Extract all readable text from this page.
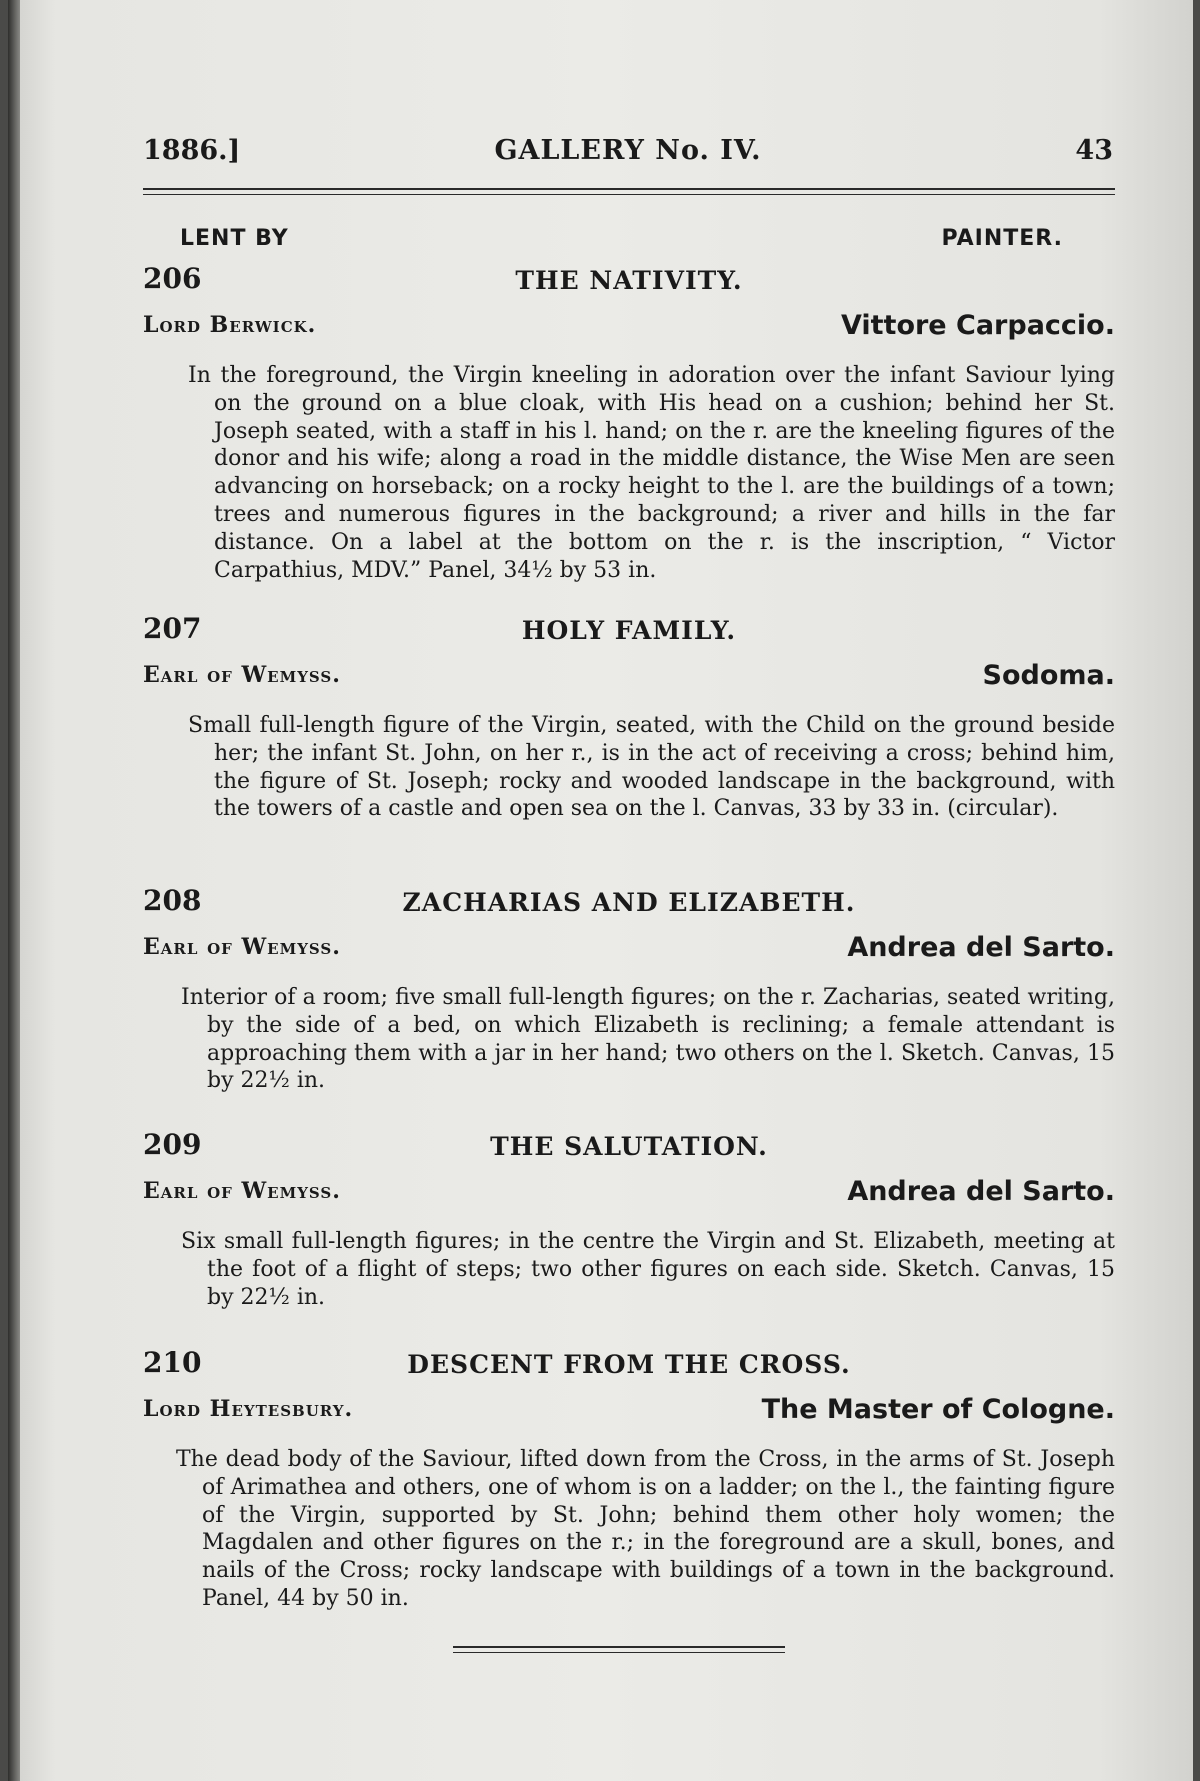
1886.]	GALLERY No. IV.	43
LENT BY	PAINTER.
206	THE NATIVITY.
Lord Berwick.	Vittore Carpaccio.
In the foreground, the Virgin kneeling in adoration over the infant Saviour lying on the ground on a blue cloak, with His head on a cushion; behind her St. Joseph seated, with a staff in his l. hand; on the r. are the kneeling figures of the donor and his wife; along a road in the middle distance, the Wise Men are seen advancing on horseback; on a rocky height to the l. are the buildings of a town; trees and numerous figures in the background; a river and hills in the far distance. On a label at the bottom on the r. is the inscription, “ Victor Carpathius, MDV.” Panel, 34½ by 53 in.
207	HOLY FAMILY.
Earl of Wemyss.	Sodoma.
Small full-length figure of the Virgin, seated, with the Child on the ground beside her; the infant St. John, on her r., is in the act of receiving a cross; behind him, the figure of St. Joseph; rocky and wooded landscape in the background, with the towers of a castle and open sea on the l. Canvas, 33 by 33 in. (circular).
208	ZACHARIAS AND ELIZABETH.
Earl of Wemyss.	Andrea del Sarto.
Interior of a room; five small full-length figures; on the r. Zacharias, seated writing, by the side of a bed, on which Elizabeth is reclining; a female attendant is approaching them with a jar in her hand; two others on the l. Sketch. Canvas, 15 by 22½ in.
209	THE SALUTATION.
Earl of Wemyss.	Andrea del Sarto.
Six small full-length figures; in the centre the Virgin and St. Elizabeth, meeting at the foot of a flight of steps; two other figures on each side. Sketch. Canvas, 15 by 22½ in.
210	DESCENT FROM THE CROSS.
Lord Heytesbury.	The Master of Cologne.
The dead body of the Saviour, lifted down from the Cross, in the arms of St. Joseph of Arimathea and others, one of whom is on a ladder; on the l., the fainting figure of the Virgin, supported by St. John; behind them other holy women; the Magdalen and other figures on the r.; in the foreground are a skull, bones, and nails of the Cross; rocky landscape with buildings of a town in the background. Panel, 44 by 50 in.
